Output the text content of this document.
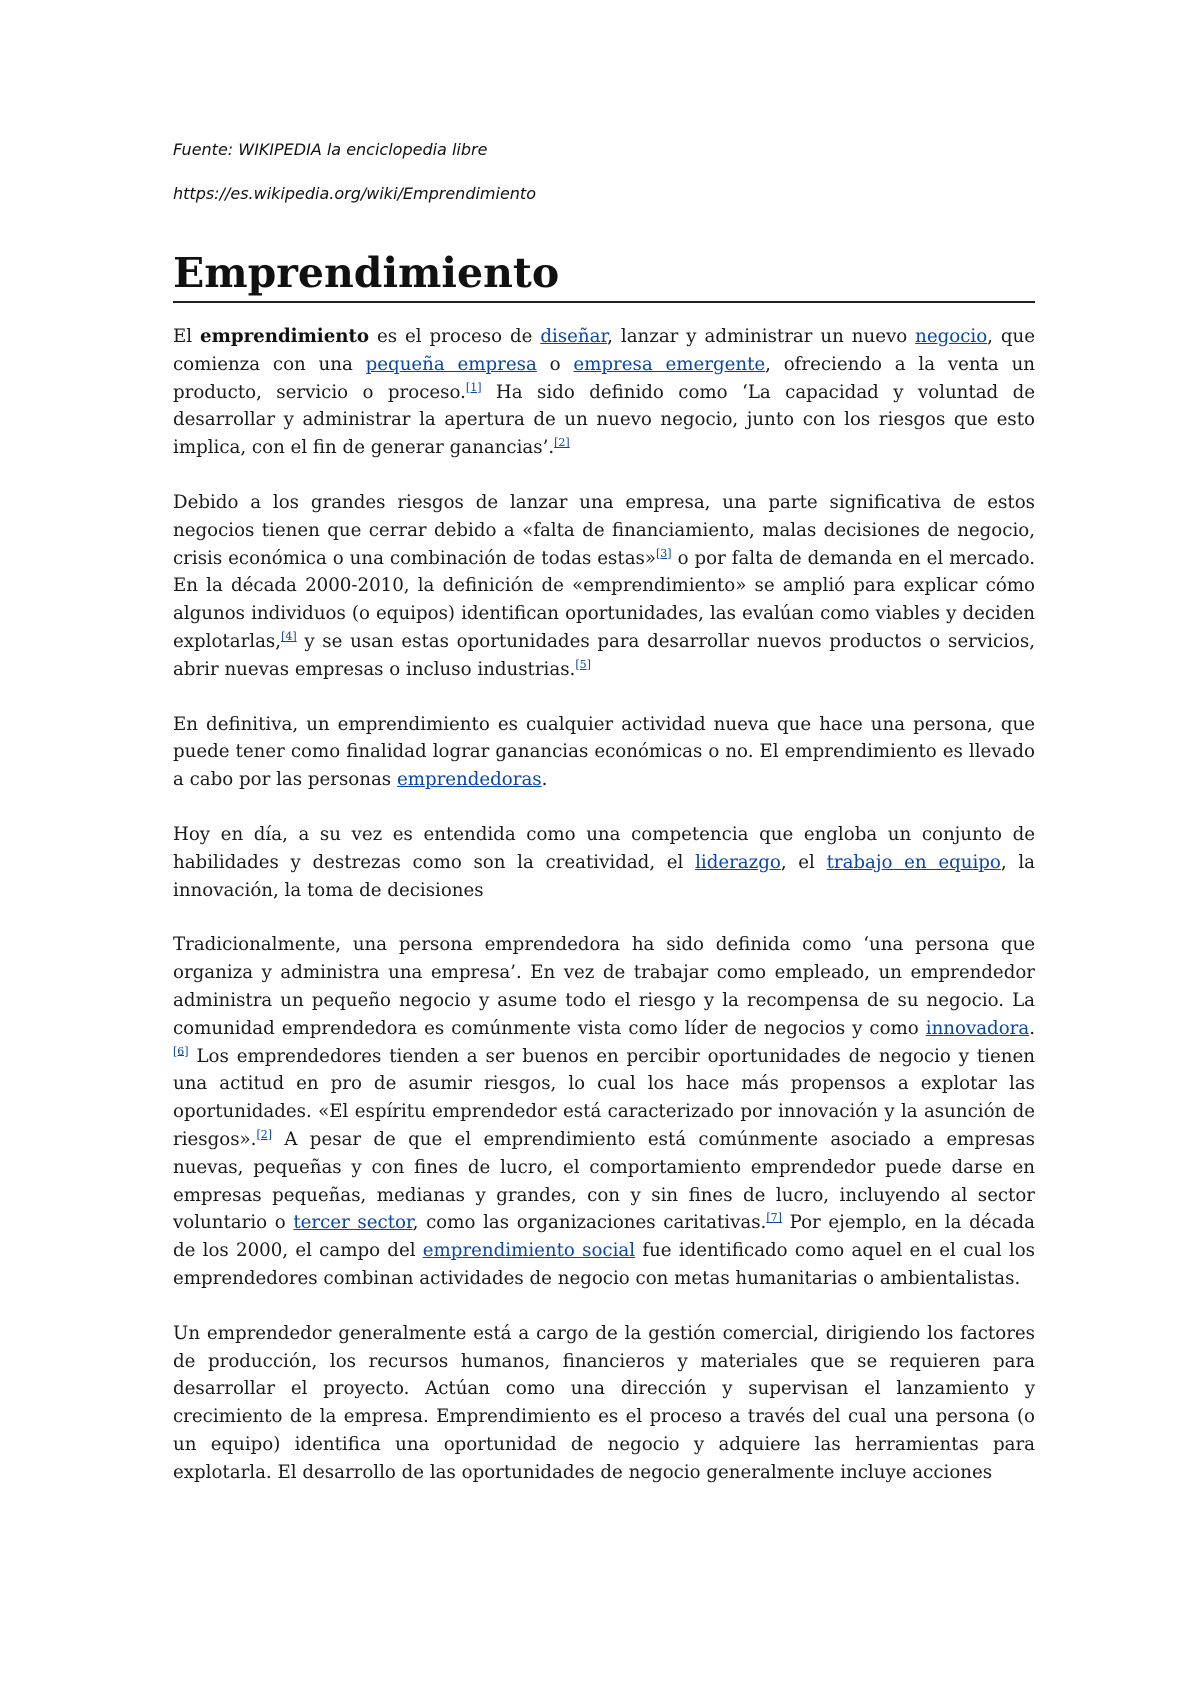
Fuente: WIKIPEDIA la enciclopedia libre

https://es.wikipedia.org/wiki/Emprendimiento

Emprendimiento

El emprendimiento es el proceso de diseñar, lanzar y administrar un nuevo negocio, que comienza con una pequeña empresa o empresa emergente, ofreciendo a la venta un producto, servicio o proceso.[1] Ha sido definido como ‘La capacidad y voluntad de desarrollar y administrar la apertura de un nuevo negocio, junto con los riesgos que esto implica, con el fin de generar ganancias’.[2]

Debido a los grandes riesgos de lanzar una empresa, una parte significativa de estos negocios tienen que cerrar debido a «falta de financiamiento, malas decisiones de negocio, crisis económica o una combinación de todas estas»[3] o por falta de demanda en el mercado. En la década 2000-2010, la definición de «emprendimiento» se amplió para explicar cómo algunos individuos (o equipos) identifican oportunidades, las evalúan como viables y deciden explotarlas,[4] y se usan estas oportunidades para desarrollar nuevos productos o servicios, abrir nuevas empresas o incluso industrias.[5]

En definitiva, un emprendimiento es cualquier actividad nueva que hace una persona, que puede tener como finalidad lograr ganancias económicas o no. El emprendimiento es llevado a cabo por las personas emprendedoras.

Hoy en día, a su vez es entendida como una competencia que engloba un conjunto de habilidades y destrezas como son la creatividad, el liderazgo, el trabajo en equipo, la innovación, la toma de decisiones

Tradicionalmente, una persona emprendedora ha sido definida como ‘una persona que organiza y administra una empresa’. En vez de trabajar como empleado, un emprendedor administra un pequeño negocio y asume todo el riesgo y la recompensa de su negocio. La comunidad emprendedora es comúnmente vista como líder de negocios y como innovadora.[6] Los emprendedores tienden a ser buenos en percibir oportunidades de negocio y tienen una actitud en pro de asumir riesgos, lo cual los hace más propensos a explotar las oportunidades. «El espíritu emprendedor está caracterizado por innovación y la asunción de riesgos».[2] A pesar de que el emprendimiento está comúnmente asociado a empresas nuevas, pequeñas y con fines de lucro, el comportamiento emprendedor puede darse en empresas pequeñas, medianas y grandes, con y sin fines de lucro, incluyendo al sector voluntario o tercer sector, como las organizaciones caritativas.[7] Por ejemplo, en la década de los 2000, el campo del emprendimiento social fue identificado como aquel en el cual los emprendedores combinan actividades de negocio con metas humanitarias o ambientalistas.

Un emprendedor generalmente está a cargo de la gestión comercial, dirigiendo los factores de producción, los recursos humanos, financieros y materiales que se requieren para desarrollar el proyecto. Actúan como una dirección y supervisan el lanzamiento y crecimiento de la empresa. Emprendimiento es el proceso a través del cual una persona (o un equipo) identifica una oportunidad de negocio y adquiere las herramientas para explotarla. El desarrollo de las oportunidades de negocio generalmente incluye acciones
